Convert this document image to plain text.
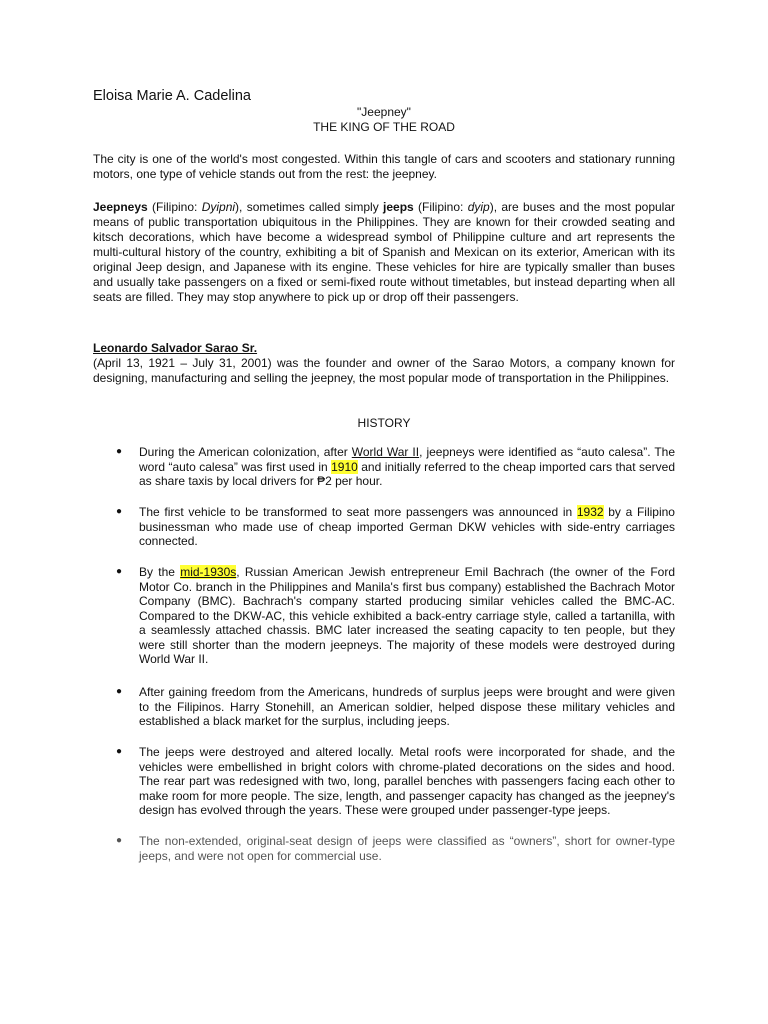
Eloisa Marie A. Cadelina
"Jeepney"
THE KING OF THE ROAD
The city is one of the world's most congested. Within this tangle of cars and scooters and stationary running motors, one type of vehicle stands out from the rest: the jeepney.
Jeepneys (Filipino: Dyipni), sometimes called simply jeeps (Filipino: dyip), are buses and the most popular means of public transportation ubiquitous in the Philippines. They are known for their crowded seating and kitsch decorations, which have become a widespread symbol of Philippine culture and art represents the multi-cultural history of the country, exhibiting a bit of Spanish and Mexican on its exterior, American with its original Jeep design, and Japanese with its engine. These vehicles for hire are typically smaller than buses and usually take passengers on a fixed or semi-fixed route without timetables, but instead departing when all seats are filled. They may stop anywhere to pick up or drop off their passengers.
Leonardo Salvador Sarao Sr.
(April 13, 1921 – July 31, 2001) was the founder and owner of the Sarao Motors, a company known for designing, manufacturing and selling the jeepney, the most popular mode of transportation in the Philippines.
HISTORY
● During the American colonization, after World War II, jeepneys were identified as “auto calesa”. The word “auto calesa” was first used in 1910 and initially referred to the cheap imported cars that served as share taxis by local drivers for ₱2 per hour.
● The first vehicle to be transformed to seat more passengers was announced in 1932 by a Filipino businessman who made use of cheap imported German DKW vehicles with side-entry carriages connected.
● By the mid-1930s, Russian American Jewish entrepreneur Emil Bachrach (the owner of the Ford Motor Co. branch in the Philippines and Manila's first bus company) established the Bachrach Motor Company (BMC). Bachrach's company started producing similar vehicles called the BMC-AC. Compared to the DKW-AC, this vehicle exhibited a back-entry carriage style, called a tartanilla, with a seamlessly attached chassis. BMC later increased the seating capacity to ten people, but they were still shorter than the modern jeepneys. The majority of these models were destroyed during World War II.
● After gaining freedom from the Americans, hundreds of surplus jeeps were brought and were given to the Filipinos. Harry Stonehill, an American soldier, helped dispose these military vehicles and established a black market for the surplus, including jeeps.
● The jeeps were destroyed and altered locally. Metal roofs were incorporated for shade, and the vehicles were embellished in bright colors with chrome-plated decorations on the sides and hood. The rear part was redesigned with two, long, parallel benches with passengers facing each other to make room for more people. The size, length, and passenger capacity has changed as the jeepney's design has evolved through the years. These were grouped under passenger-type jeeps.
● The non-extended, original-seat design of jeeps were classified as “owners”, short for owner-type jeeps, and were not open for commercial use.
